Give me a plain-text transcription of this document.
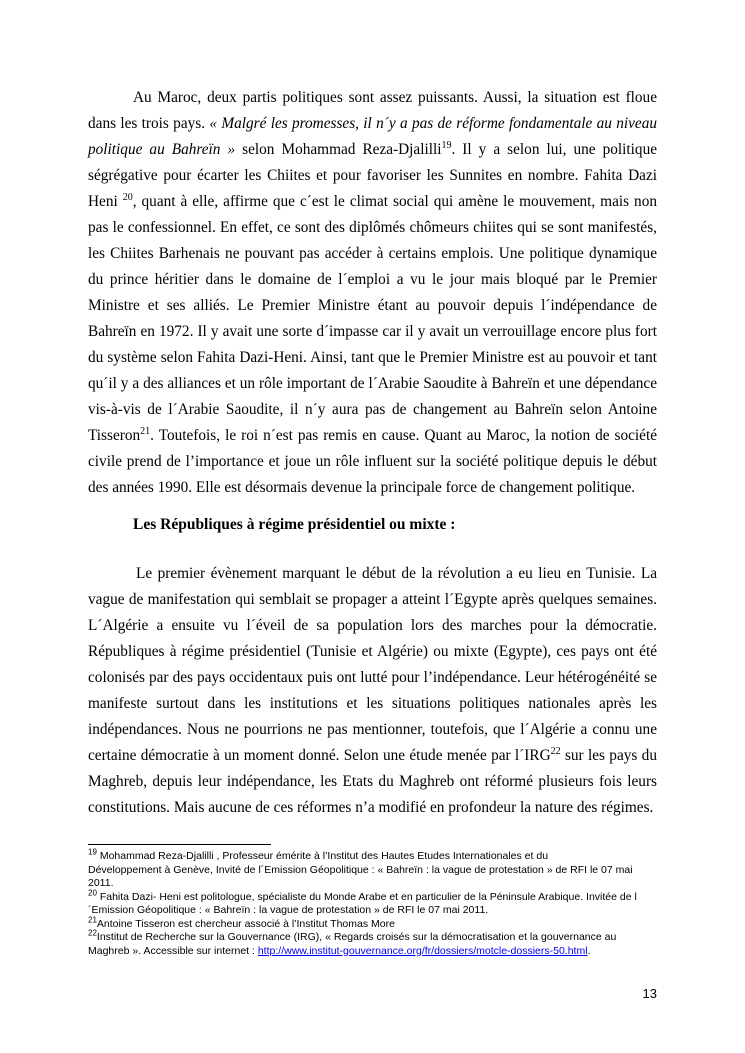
Au Maroc, deux partis politiques sont assez puissants. Aussi, la situation est floue dans les trois pays. « Malgré les promesses, il n´y a pas de réforme fondamentale au niveau politique au Bahreïn » selon Mohammad Reza-Djalilli$^{19}$. Il y a selon lui, une politique ségrégative pour écarter les Chiites et pour favoriser les Sunnites en nombre. Fahita Dazi Heni $^{20}$, quant à elle, affirme que c´est le climat social qui amène le mouvement, mais non pas le confessionnel. En effet, ce sont des diplômés chômeurs chiites qui se sont manifestés, les Chiites Barhenais ne pouvant pas accéder à certains emplois. Une politique dynamique du prince héritier dans le domaine de l´emploi a vu le jour mais bloqué par le Premier Ministre et ses alliés. Le Premier Ministre étant au pouvoir depuis l´indépendance de Bahreïn en 1972. Il y avait une sorte d´impasse car il y avait un verrouillage encore plus fort du système selon Fahita Dazi-Heni. Ainsi, tant que le Premier Ministre est au pouvoir et tant qu´il y a des alliances et un rôle important de l´Arabie Saoudite à Bahreïn et une dépendance vis-à-vis de l´Arabie Saoudite, il n´y aura pas de changement au Bahreïn selon Antoine Tisseron$^{21}$. Toutefois, le roi n´est pas remis en cause. Quant au Maroc, la notion de société civile prend de l’importance et joue un rôle influent sur la société politique depuis le début des années 1990. Elle est désormais devenue la principale force de changement politique.

Les Républiques à régime présidentiel ou mixte :

Le premier évènement marquant le début de la révolution a eu lieu en Tunisie. La vague de manifestation qui semblait se propager a atteint l´Egypte après quelques semaines. L´Algérie a ensuite vu l´éveil de sa population lors des marches pour la démocratie. Républiques à régime présidentiel (Tunisie et Algérie) ou mixte (Egypte), ces pays ont été colonisés par des pays occidentaux puis ont lutté pour l’indépendance. Leur hétérogénéité se manifeste surtout dans les institutions et les situations politiques nationales après les indépendances. Nous ne pourrions ne pas mentionner, toutefois, que l´Algérie a connu une certaine démocratie à un moment donné. Selon une étude menée par l´IRG$^{22}$ sur les pays du Maghreb, depuis leur indépendance, les Etats du Maghreb ont réformé plusieurs fois leurs constitutions. Mais aucune de ces réformes n’a modifié en profondeur la nature des régimes.

$^{19}$ Mohammad Reza-Djalilli , Professeur émérite à l’Institut des Hautes Etudes Internationales et du
Développement à Genève, Invité de l´Emission Géopolitique : « Bahreïn : la vague de protestation » de RFI le 07 mai 2011.

$^{20}$ Fahita Dazi- Heni est politologue, spécialiste du Monde Arabe et en particulier de la Péninsule Arabique. Invitée de l´Emission Géopolitique : « Bahreïn : la vague de protestation » de RFI le 07 mai 2011.

$^{21}$Antoine Tisseron est chercheur associé à l’Institut Thomas More

$^{22}$Institut de Recherche sur la Gouvernance (IRG), « Regards croisés sur la démocratisation et la gouvernance au Maghreb ». Accessible sur internet : http://www.institut-gouvernance.org/fr/dossiers/motcle-dossiers-50.html.

13
